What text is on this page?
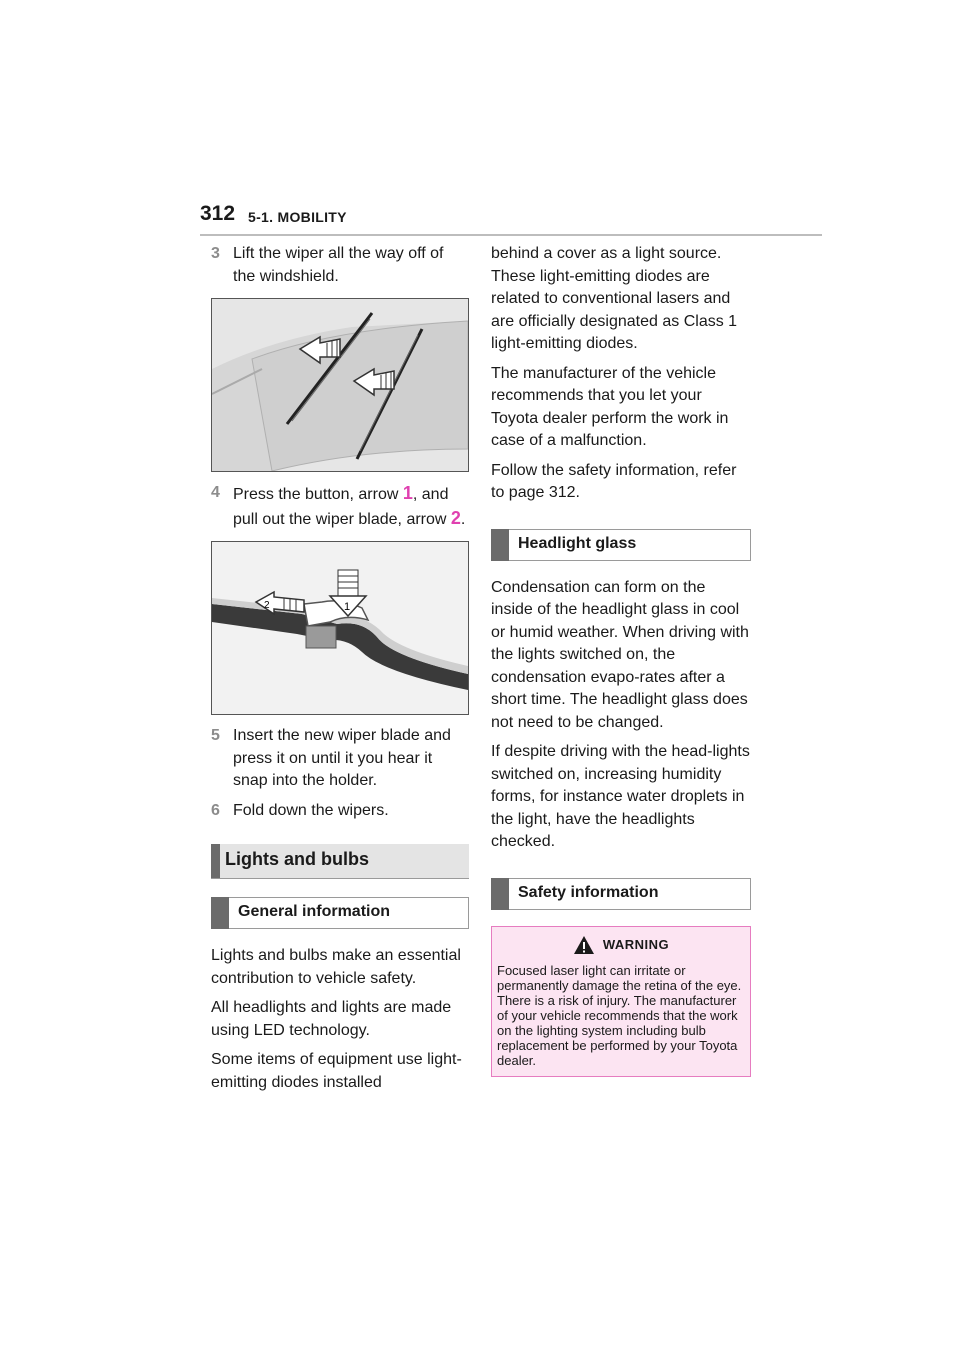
312 5-1. MOBILITY
3 Lift the wiper all the way off of the windshield.
4 Press the button, arrow 1, and pull out the wiper blade, arrow 2.
1
2
5 Insert the new wiper blade and press it on until it you hear it snap into the holder.
6 Fold down the wipers.
Lights and bulbs
General information

Lights and bulbs make an essential contribution to vehicle safety.

All headlights and lights are made using LED technology.

Some items of equipment use light-emitting diodes installed

behind a cover as a light source. These light-emitting diodes are related to conventional lasers and are officially designated as Class 1 light-emitting diodes.

The manufacturer of the vehicle recommends that you let your Toyota dealer perform the work in case of a malfunction.

Follow the safety information, refer to page 312.

Headlight glass

Condensation can form on the inside of the headlight glass in cool or humid weather. When driving with the lights switched on, the condensation evapo-rates after a short time. The headlight glass does not need to be changed.

If despite driving with the head-lights switched on, increasing humidity forms, for instance water droplets in the light, have the headlights checked.

Safety information
WARNING
Focused laser light can irritate or permanently damage the retina of the eye. There is a risk of injury. The manufacturer of your vehicle recommends that the work on the lighting system including bulb replacement be performed by your Toyota dealer.
